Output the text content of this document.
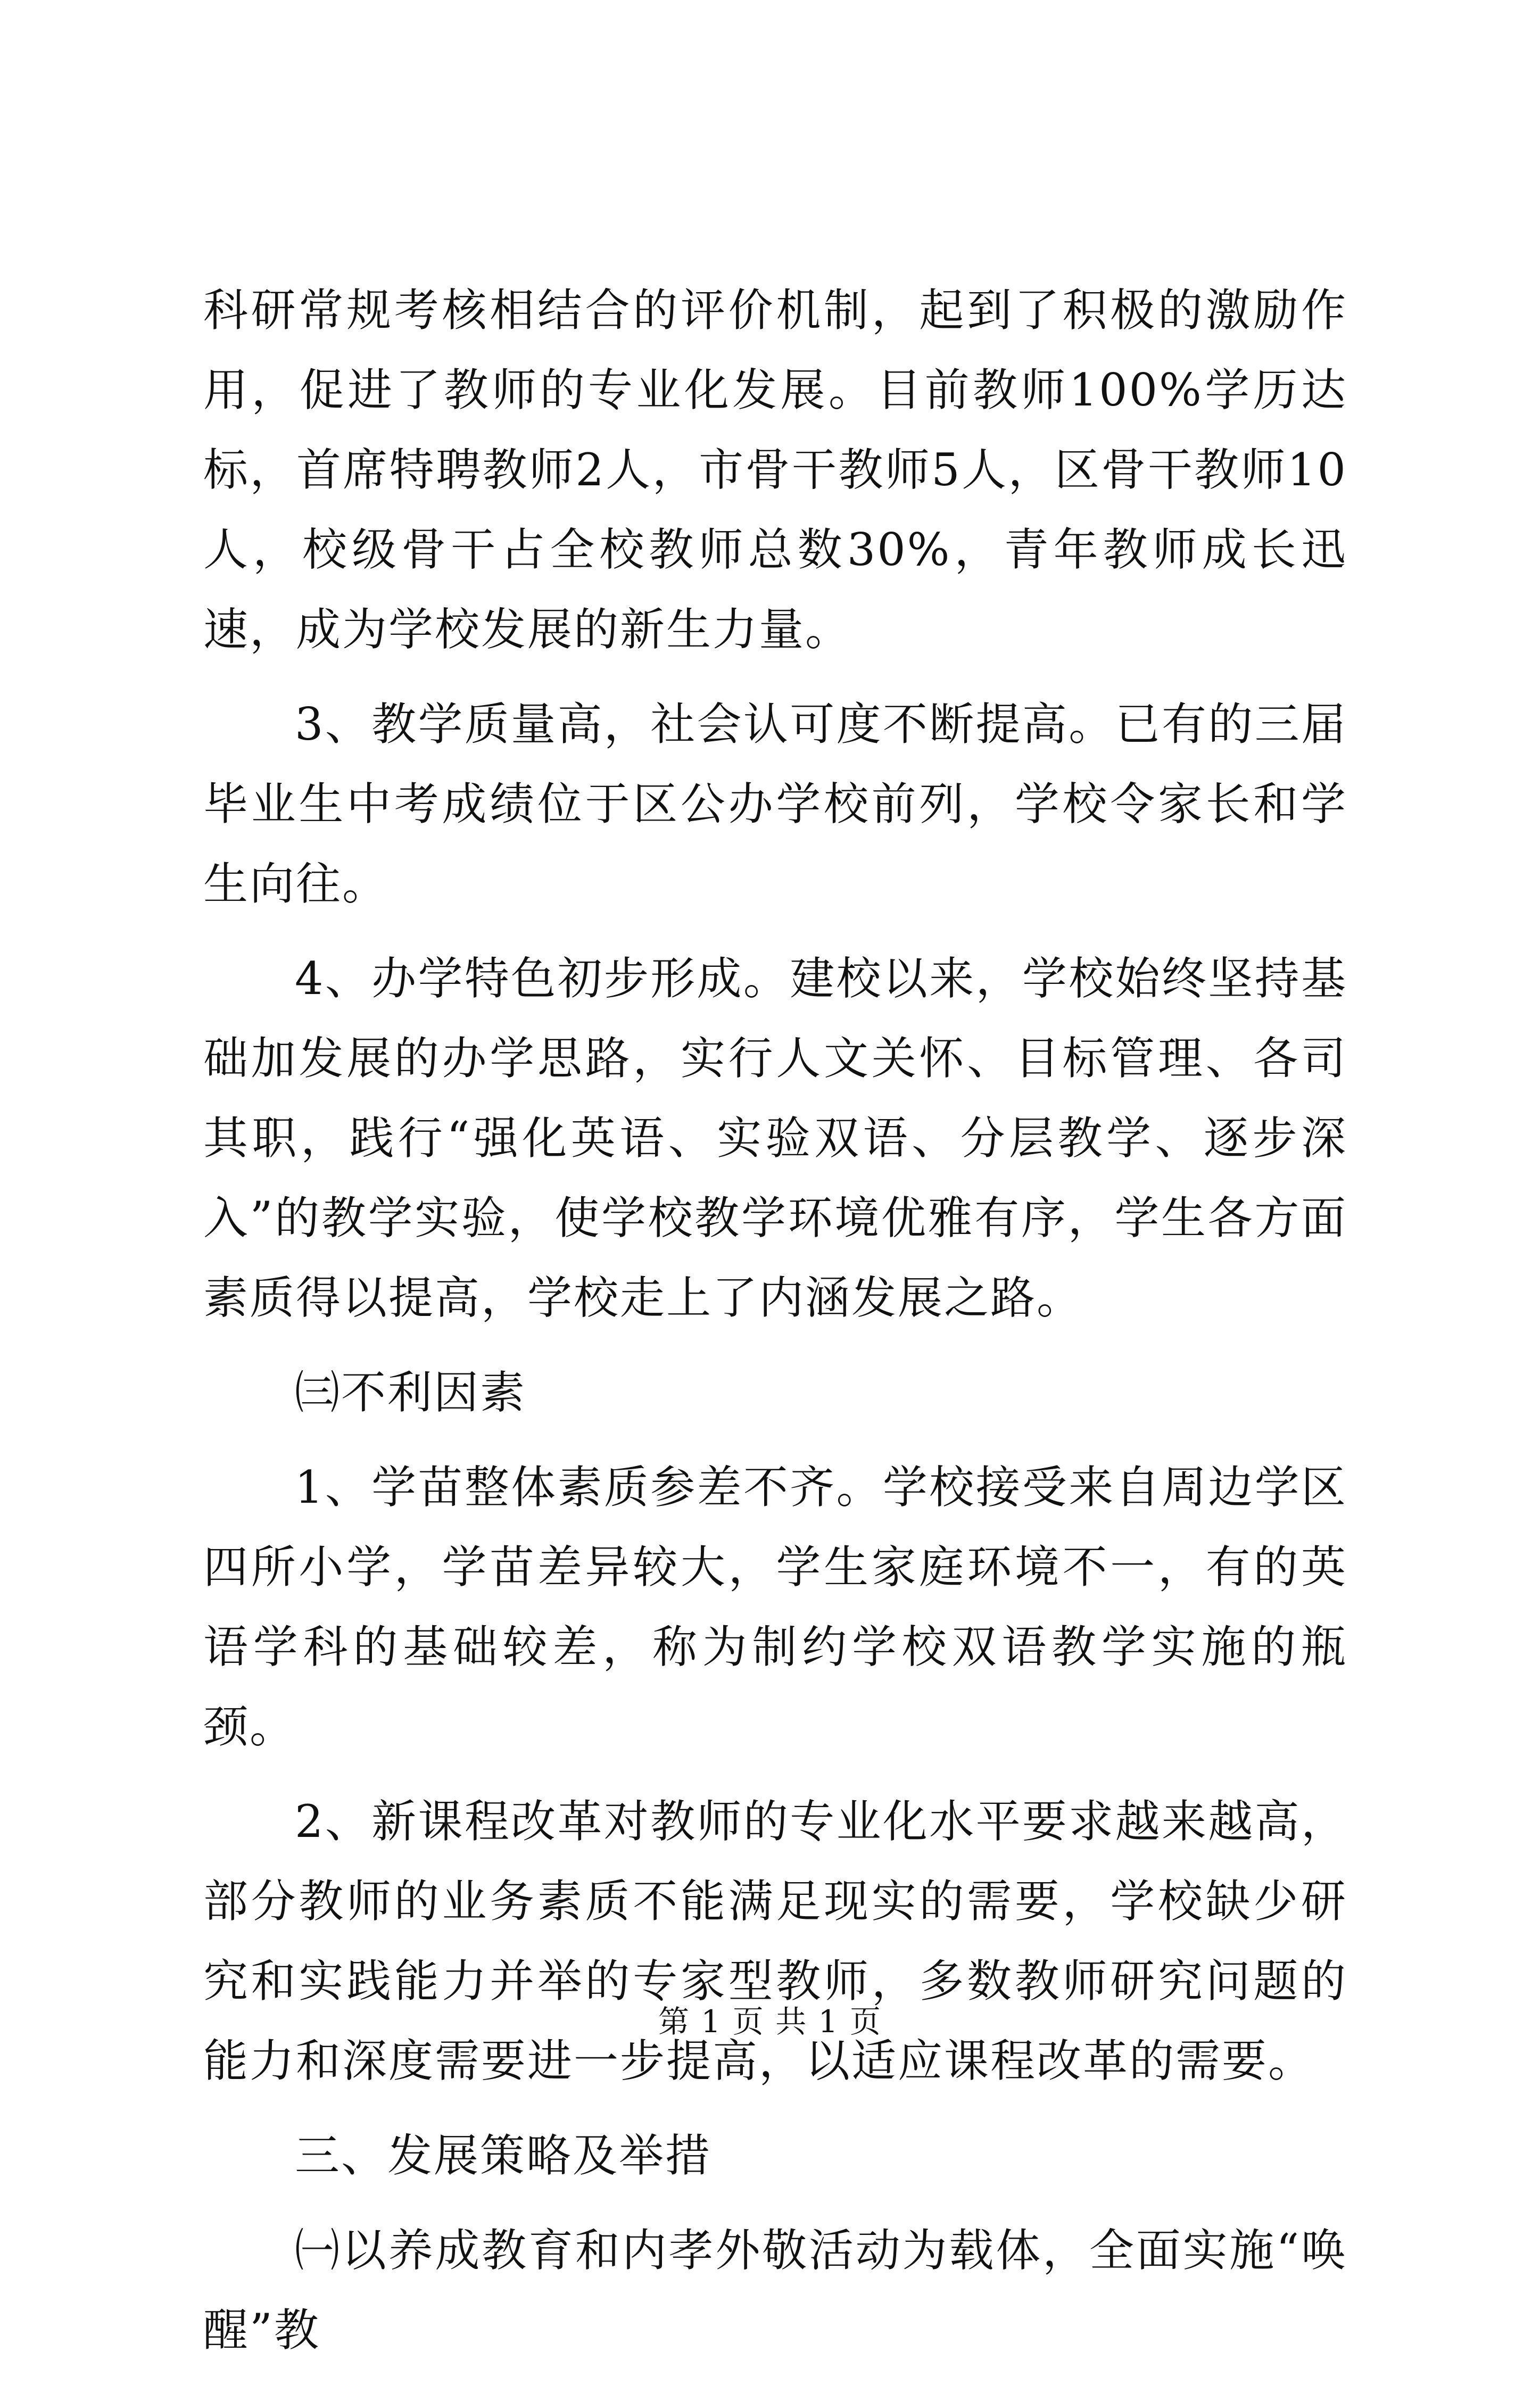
科研常规考核相结合的评价机制，起到了积极的激励作用，促进了教师的专业化发展。目前教师100%学历达标，首席特聘教师2人，市骨干教师5人，区骨干教师10人，校级骨干占全校教师总数30%，青年教师成长迅速，成为学校发展的新生力量。

3、教学质量高，社会认可度不断提高。已有的三届毕业生中考成绩位于区公办学校前列，学校令家长和学生向往。

4、办学特色初步形成。建校以来，学校始终坚持基础加发展的办学思路，实行人文关怀、目标管理、各司其职，践行“强化英语、实验双语、分层教学、逐步深入”的教学实验，使学校教学环境优雅有序，学生各方面素质得以提高，学校走上了内涵发展之路。

㈢不利因素

1、学苗整体素质参差不齐。学校接受来自周边学区四所小学，学苗差异较大，学生家庭环境不一，有的英语学科的基础较差，称为制约学校双语教学实施的瓶颈。

2、新课程改革对教师的专业化水平要求越来越高，部分教师的业务素质不能满足现实的需要，学校缺少研究和实践能力并举的专家型教师，多数教师研究问题的能力和深度需要进一步提高，以适应课程改革的需要。

三、发展策略及举措

㈠以养成教育和内孝外敬活动为载体，全面实施“唤醒”教

第 1 页 共 1 页
